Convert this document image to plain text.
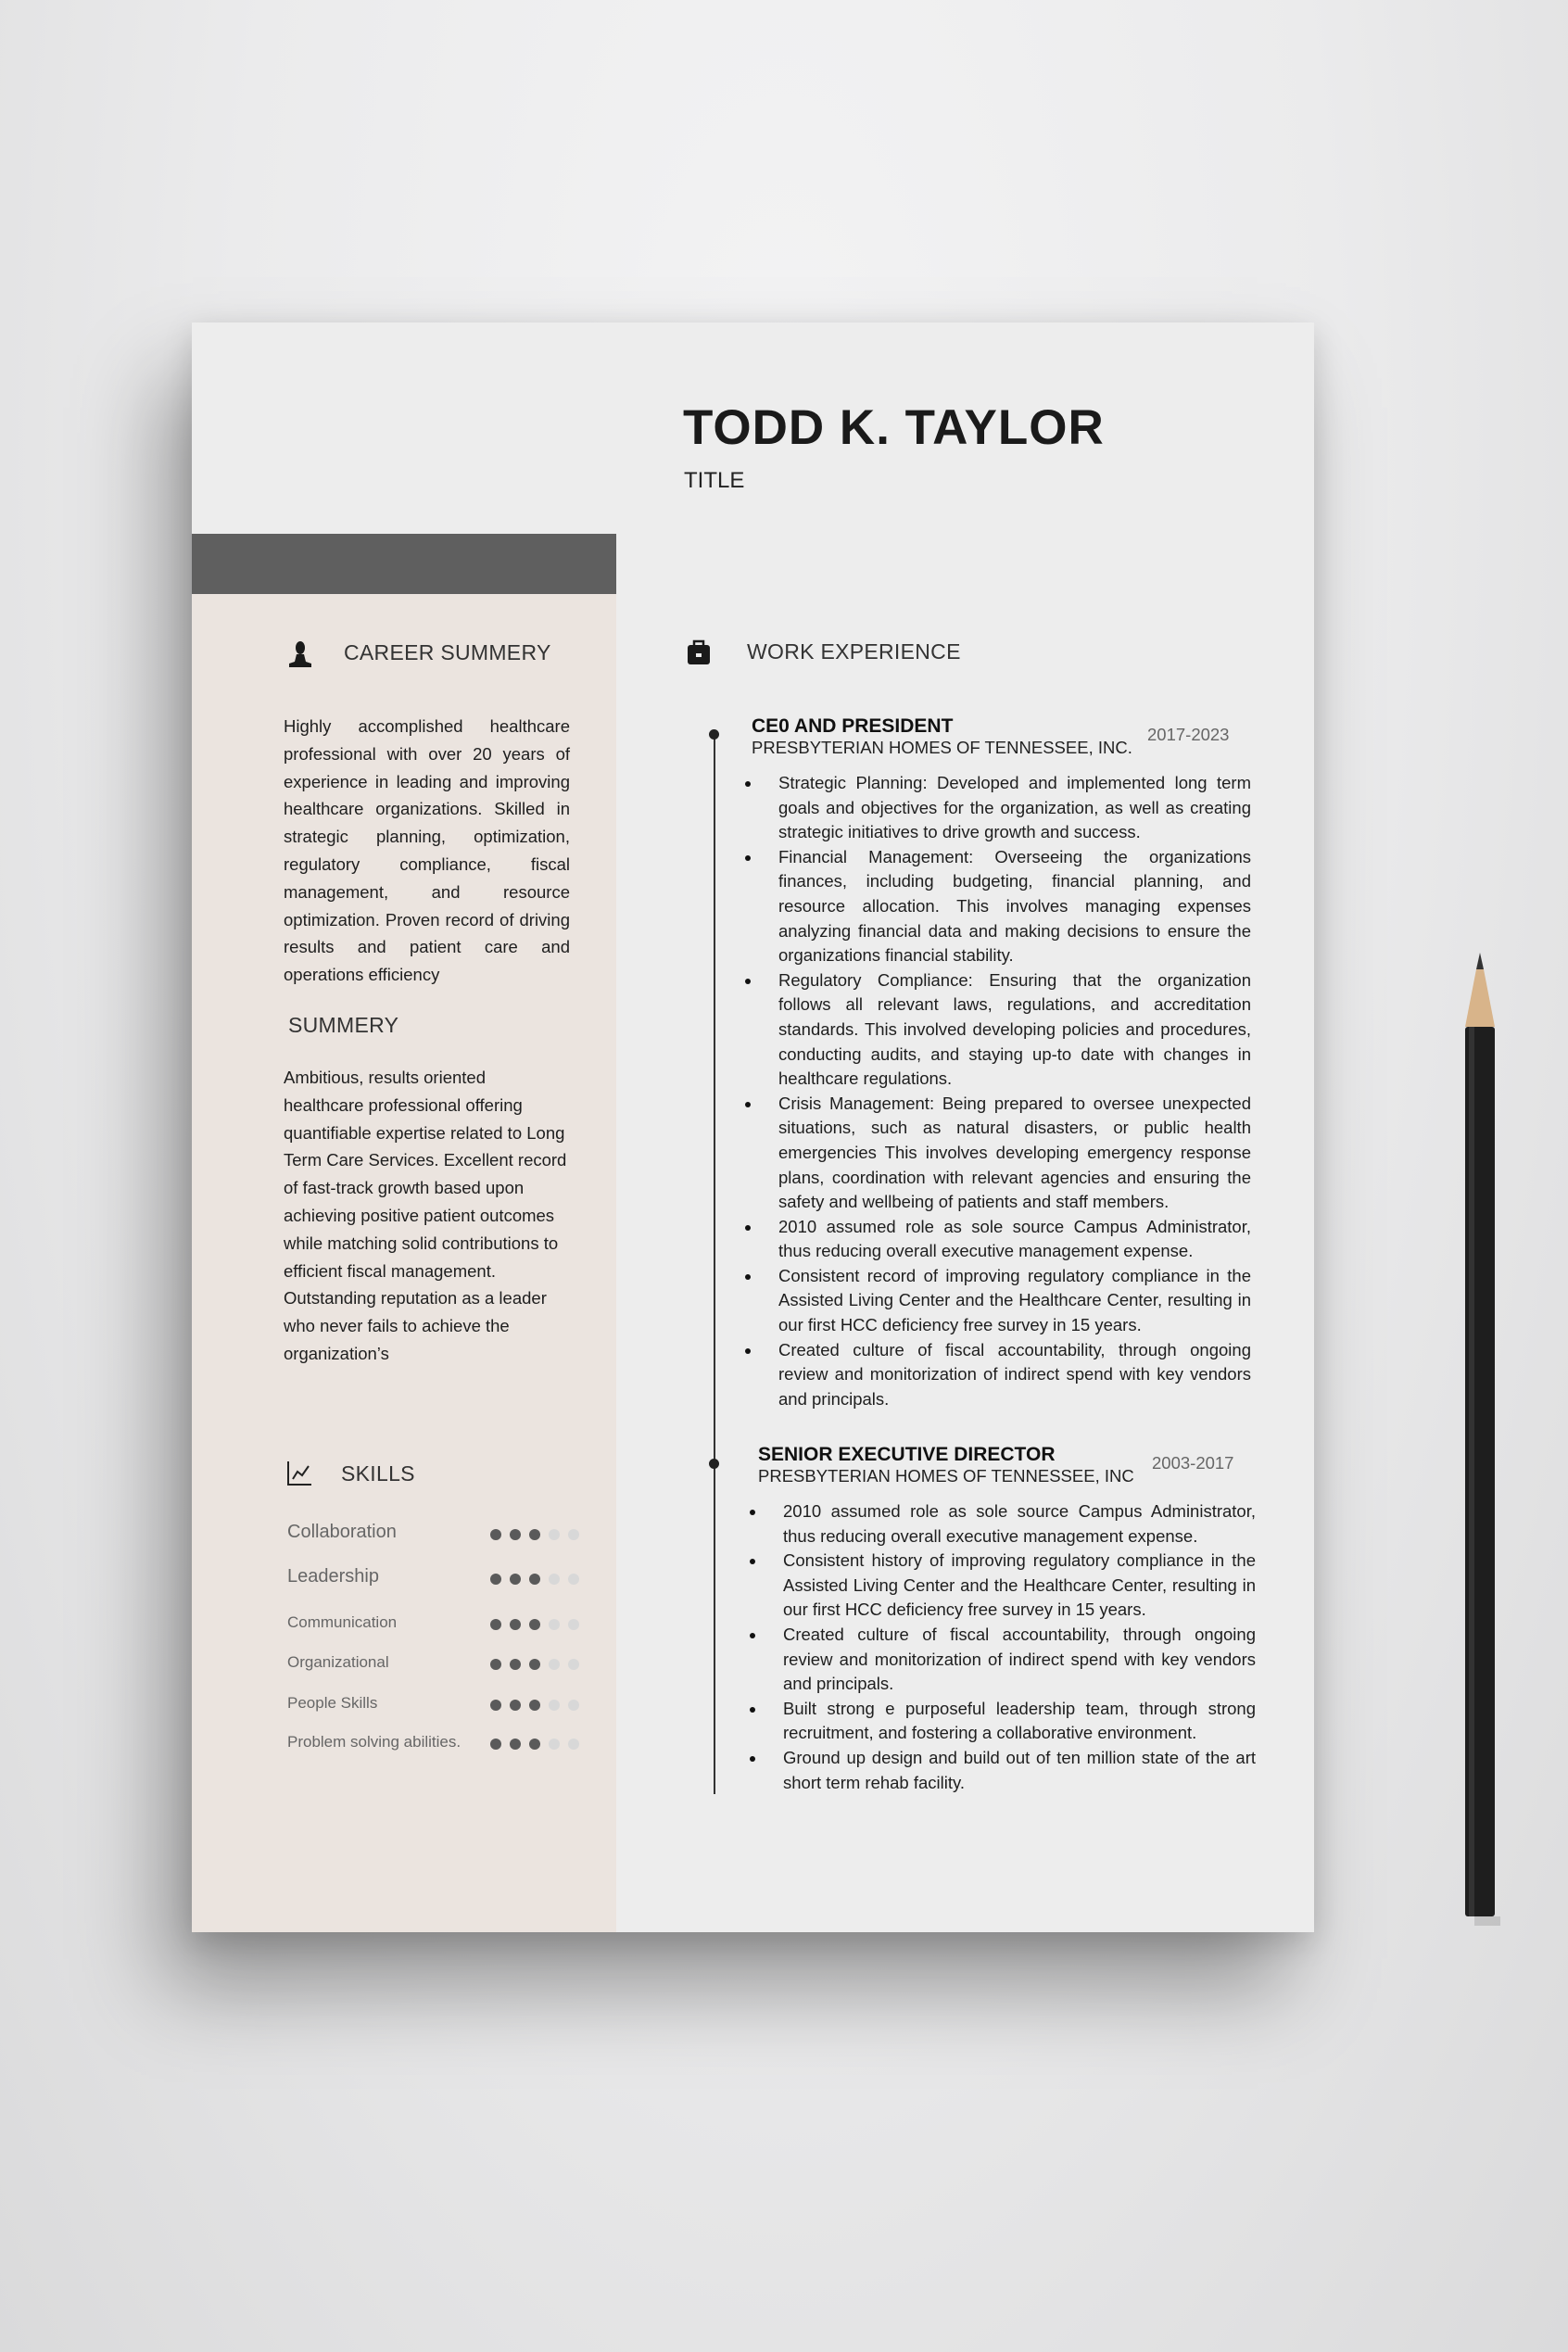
TODD K. TAYLOR
TITLE
CAREER SUMMERY
Highly accomplished healthcare professional with over 20 years of experience in leading and improving healthcare organizations. Skilled in strategic planning, optimization, regulatory compliance, fiscal management, and resource optimization. Proven record of driving results and patient care and operations efficiency
SUMMERY
Ambitious, results oriented healthcare professional offering quantifiable expertise related to Long Term Care Services. Excellent record of fast-track growth based upon achieving positive patient outcomes while matching solid contributions to efficient fiscal management. Outstanding reputation as a leader who never fails to achieve the organization’s
SKILLS
Collaboration
Leadership
Communication
Organizational
People Skills
Problem solving abilities.
WORK EXPERIENCE
CE0 AND PRESIDENT
PRESBYTERIAN HOMES OF TENNESSEE, INC.
2017-2023
Strategic Planning: Developed and implemented long term goals and objectives for the organization, as well as creating strategic initiatives to drive growth and success.
Financial Management: Overseeing the organizations finances, including budgeting, financial planning, and resource allocation. This involves managing expenses analyzing financial data and making decisions to ensure the organizations financial stability.
Regulatory Compliance: Ensuring that the organization follows all relevant laws, regulations, and accreditation standards. This involved developing policies and procedures, conducting audits, and staying up-to date with changes in healthcare regulations.
Crisis Management: Being prepared to oversee unexpected situations, such as natural disasters, or public health emergencies This involves developing emergency response plans, coordination with relevant agencies and ensuring the safety and wellbeing of patients and staff members.
2010 assumed role as sole source Campus Administrator, thus reducing overall executive management expense.
Consistent record of improving regulatory compliance in the Assisted Living Center and the Healthcare Center, resulting in our first HCC deficiency free survey in 15 years.
Created culture of fiscal accountability, through ongoing review and monitorization of indirect spend with key vendors and principals.
SENIOR EXECUTIVE DIRECTOR
PRESBYTERIAN HOMES OF TENNESSEE, INC
2003-2017
2010 assumed role as sole source Campus Administrator, thus reducing overall executive management expense.
Consistent history of improving regulatory compliance in the Assisted Living Center and the Healthcare Center, resulting in our first HCC deficiency free survey in 15 years.
Created culture of fiscal accountability, through ongoing review and monitorization of indirect spend with key vendors and principals.
Built strong e purposeful leadership team, through strong recruitment, and fostering a collaborative environment.
Ground up design and build out of ten million state of the art short term rehab facility.
